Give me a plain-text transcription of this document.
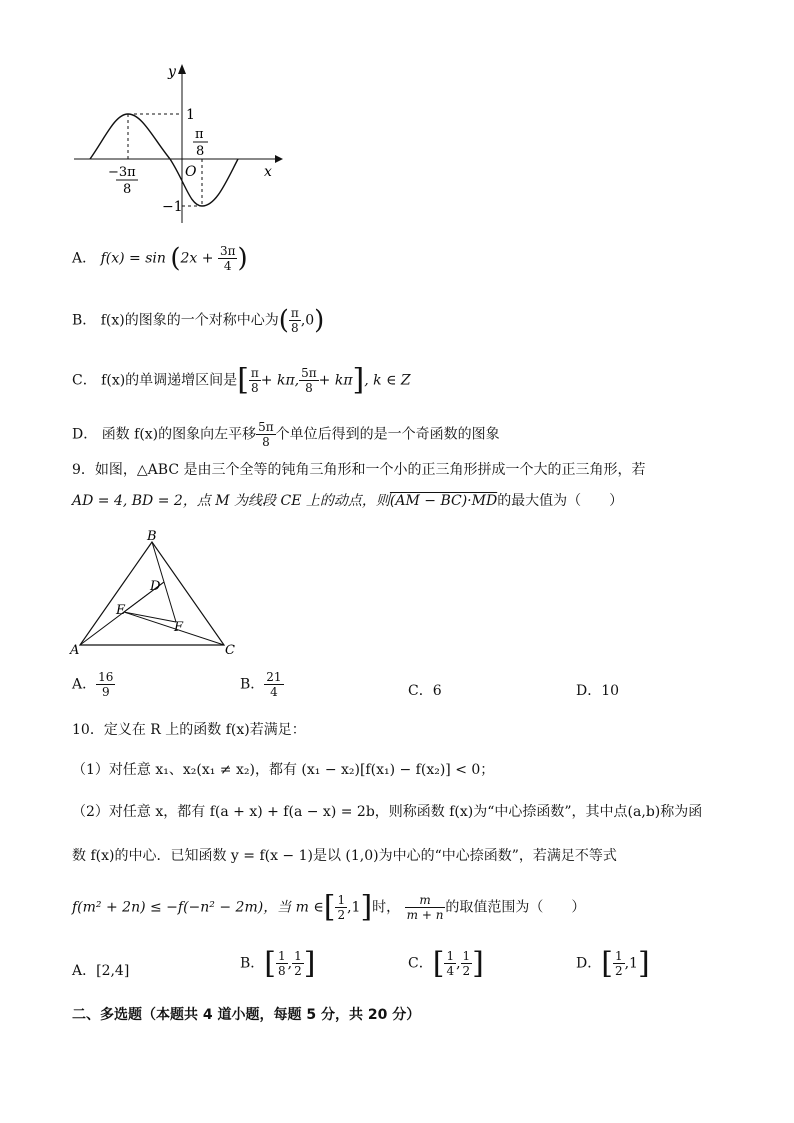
y
x
O
1
−1
π
8
−3π
8
A． $f(x) = \sin (2x + \frac{3\pi}{4}$ )
B． f(x)的图象的一个对称中心为( $\frac{\pi}{8} ,0$)
C． f(x)的单调递增区间是[ $\frac{\pi}{8} + k\pi$, $\frac{5\pi}{8} + k\pi$], k ∈ Z
D． 函数 f(x)的图象向左平移 $\frac{5\pi}{8}$ 个单位后得到的是一个奇函数的图象
9．如图，△ABC 是由三个全等的钝角三角形和一个小的正三角形拼成一个大的正三角形，若
AD = 4, BD = 2，点 M 为线段 CE 上的动点，则(AM − BC)·MD的最大值为（　　）
B
A	C
D
E
F
A． $\frac{16}{9}$	B． $\frac{21}{4}$	C．6	D．10
10．定义在 R 上的函数 f(x)若满足：
（1）对任意 x₁、x₂(x₁ ≠ x₂)，都有 (x₁ − x₂)[f(x₁) − f(x₂)] < 0；
（2）对任意 x，都有 f(a + x) + f(a − x) = 2b，则称函数 f(x)为“中心捺函数”，其中点(a,b)称为函
数 f(x)的中心．已知函数 y = f(x − 1)是以 (1,0)为中心的“中心捺函数”，若满足不等式
f(m² + 2n) ≤ −f(−n² − 2m)，当 m ∈[ $\frac{1}{2} ,1$]时， $\frac{m}{m + n}$ 的取值范围为（　　）
A．[2,4]	B．[ $\frac{1}{8}$ , $\frac{1}{2}$ ]	C．[ $\frac{1}{4}$ , $\frac{1}{2}$ ]	D．[ $\frac{1}{2} ,1$]
二、多选题（本题共 4 道小题，每题 5 分，共 20 分）
